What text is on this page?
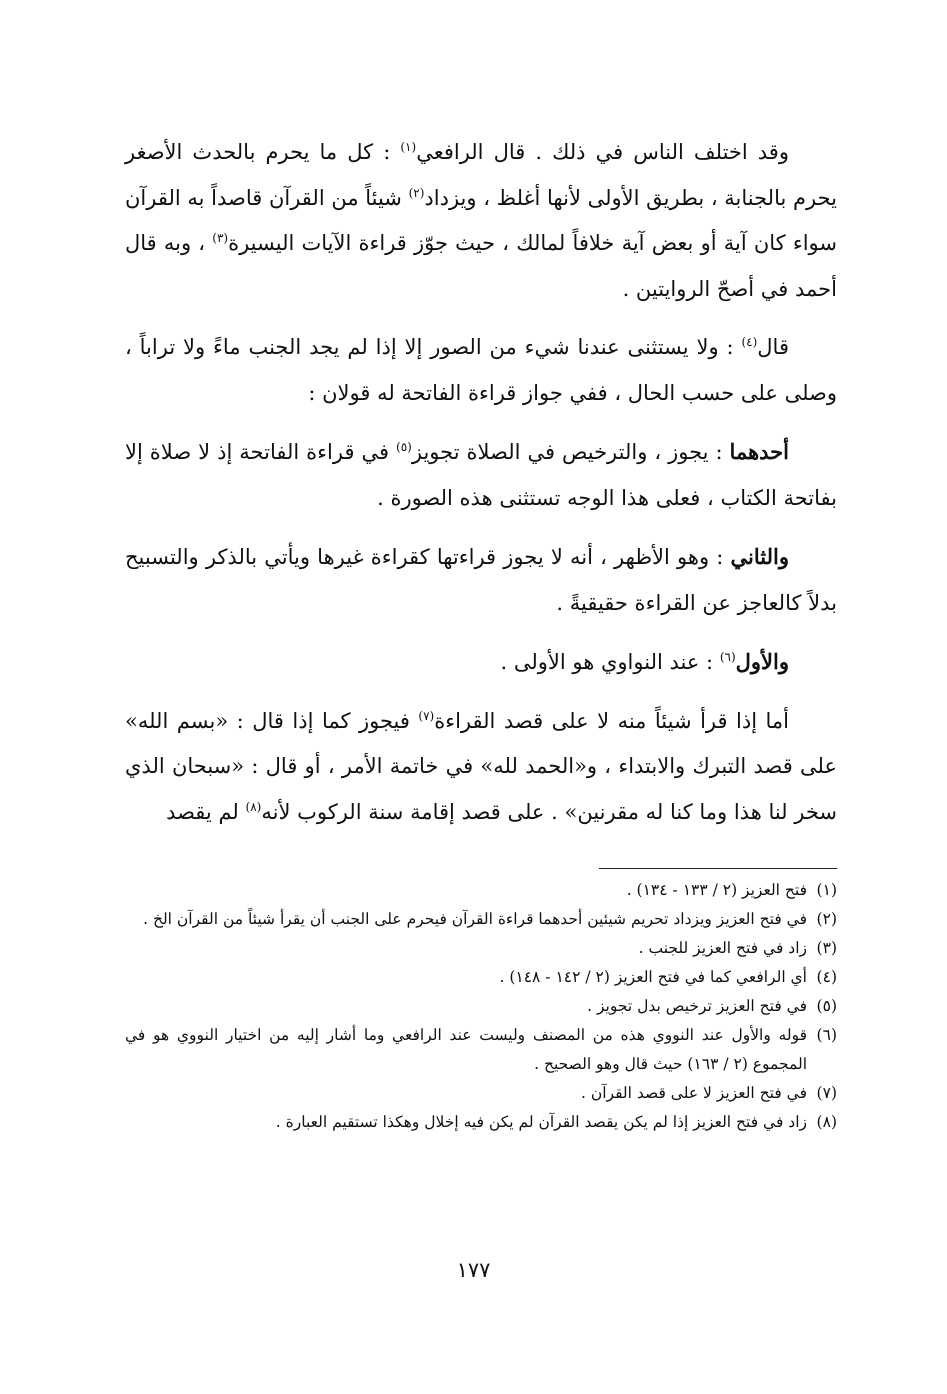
وقد اختلف الناس في ذلك . قال الرافعي$^{(١)}$ : كل ما يحرم بالحدث الأصغر يحرم بالجنابة ، بطريق الأولى لأنها أغلظ ، ويزداد$^{(٢)}$ شيئاً من القرآن قاصداً به القرآن سواء كان آية أو بعض آية خلافاً لمالك ، حيث جوّز قراءة الآيات اليسيرة$^{(٣)}$ ، وبه قال أحمد في أصحّ الروايتين .

قال$^{(٤)}$ : ولا يستثنى عندنا شيء من الصور إلا إذا لم يجد الجنب ماءً ولا تراباً ، وصلى على حسب الحال ، ففي جواز قراءة الفاتحة له قولان :

أحدهما : يجوز ، والترخيص في الصلاة تجويز$^{(٥)}$ في قراءة الفاتحة إذ لا صلاة إلا بفاتحة الكتاب ، فعلى هذا الوجه تستثنى هذه الصورة .

والثاني : وهو الأظهر ، أنه لا يجوز قراءتها كقراءة غيرها ويأتي بالذكر والتسبيح بدلاً كالعاجز عن القراءة حقيقيةً .

والأول$^{(٦)}$ : عند النواوي هو الأولى .

أما إذا قرأ شيئاً منه لا على قصد القراءة$^{(٧)}$ فيجوز كما إذا قال : «بسم الله» على قصد التبرك والابتداء ، و«الحمد لله» في خاتمة الأمر ، أو قال : «سبحان الذي سخر لنا هذا وما كنا له مقرنين» . على قصد إقامة سنة الركوب لأنه$^{(٨)}$ لم يقصد

(١)فتح العزيز (٢ / ١٣٣ - ١٣٤) .

(٢)في فتح العزيز ويزداد تحريم شيئين أحدهما قراءة القرآن فيحرم على الجنب أن يقرأ شيئاً من القرآن الخ .

(٣)زاد في فتح العزيز للجنب .

(٤)أي الرافعي كما في فتح العزيز (٢ / ١٤٢ - ١٤٨) .

(٥)في فتح العزيز ترخيص بدل تجويز .

(٦)قوله والأول عند النووي هذه من المصنف وليست عند الرافعي وما أشار إليه من اختيار النووي هو في المجموع (٢ / ١٦٣) حيث قال وهو الصحيح .

(٧)في فتح العزيز لا على قصد القرآن .

(٨)زاد في فتح العزيز إذا لم يكن يقصد القرآن لم يكن فيه إخلال وهكذا تستقيم العبارة .

١٧٧
